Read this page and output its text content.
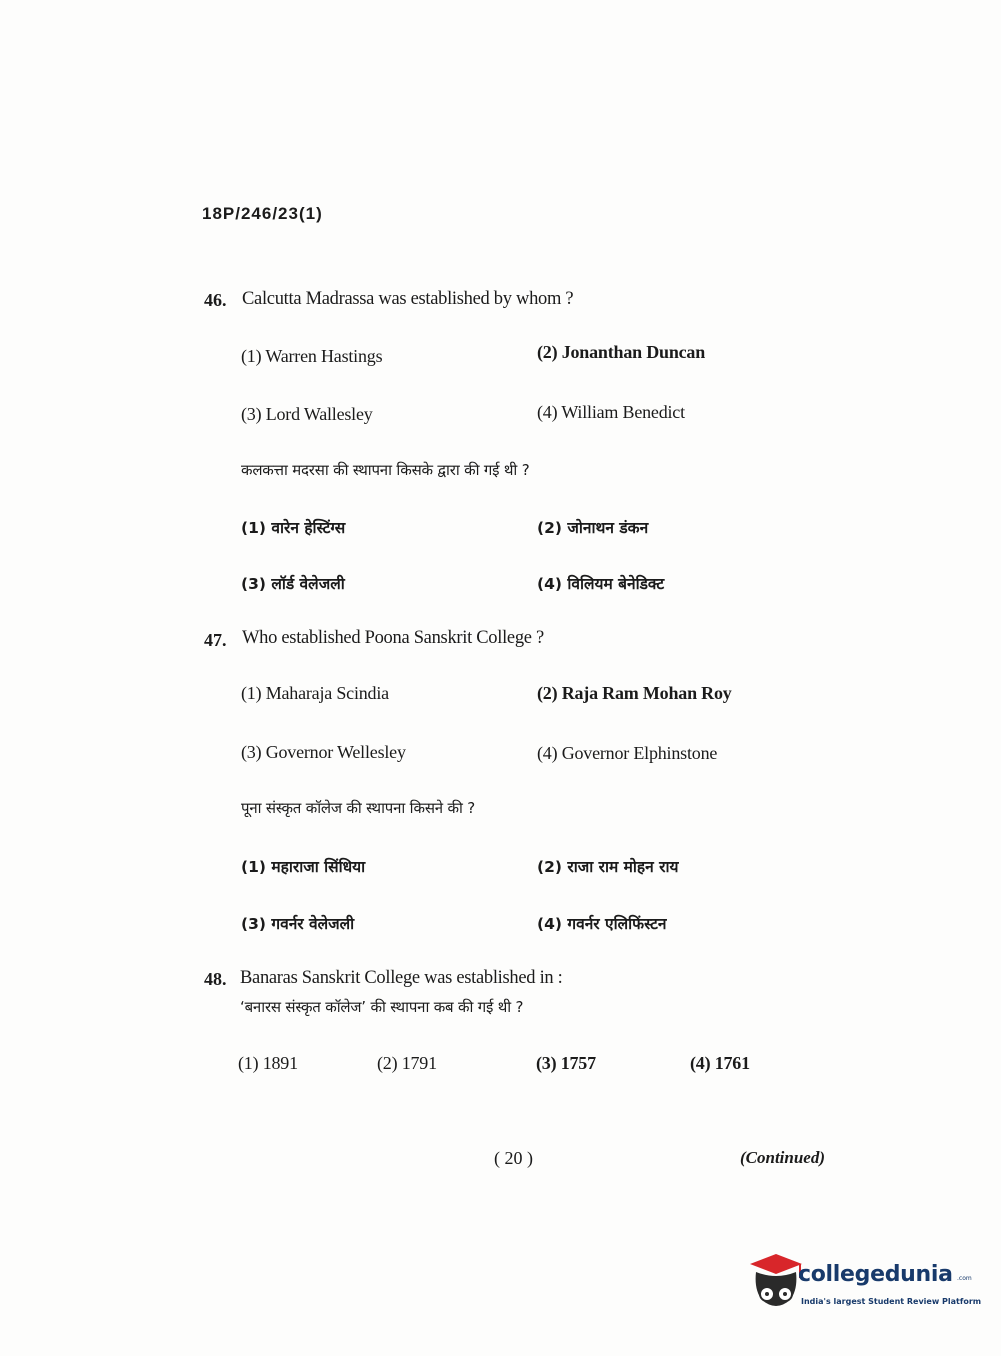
18P/246/23(1)
46. Calcutta Madrassa was established by whom ?
(1) Warren Hastings	(2) Jonanthan Duncan
(3) Lord Wallesley	(4) William Benedict
कलकत्ता मदरसा की स्थापना किसके द्वारा की गई थी ?
(1) वारेन हेस्टिंग्स	(2) जोनाथन डंकन
(3) लॉर्ड वेलेजली	(4) विलियम बेनेडिक्ट
47. Who established Poona Sanskrit College ?
(1) Maharaja Scindia	(2) Raja Ram Mohan Roy
(3) Governor Wellesley	(4) Governor Elphinstone
पूना संस्कृत कॉलेज की स्थापना किसने की ?
(1) महाराजा सिंधिया	(2) राजा राम मोहन राय
(3) गवर्नर वेलेजली	(4) गवर्नर एलिफिंस्टन
48. Banaras Sanskrit College was established in :
‘बनारस संस्कृत कॉलेज’ की स्थापना कब की गई थी ?
(1) 1891	(2) 1791	(3) 1757	(4) 1761
( 20 )	(Continued)
collegedunia .com
India's largest Student Review Platform
